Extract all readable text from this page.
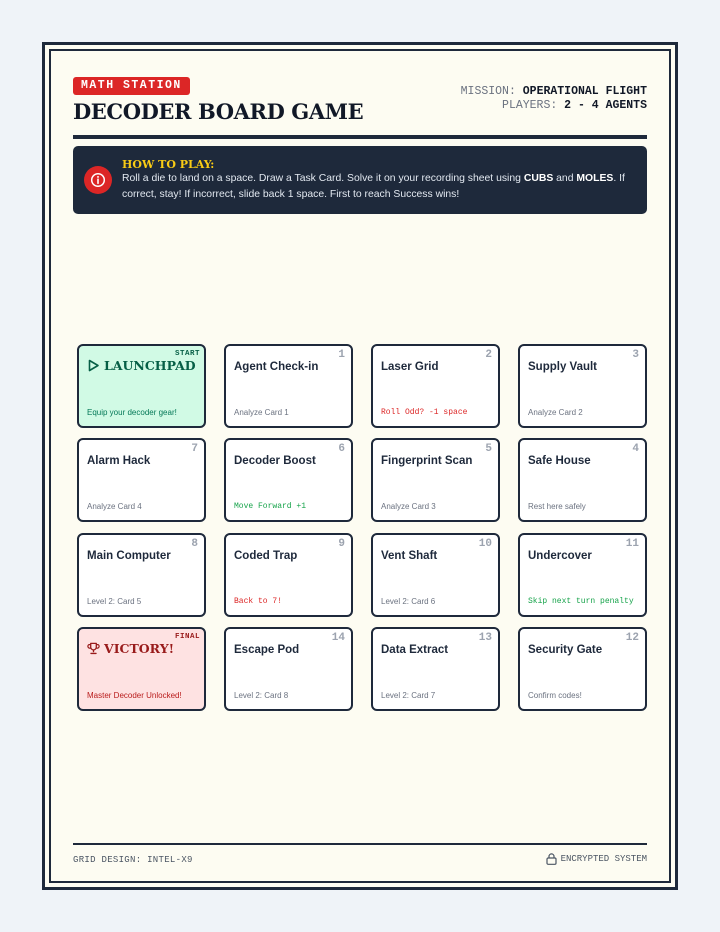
MATH STATION
DECODER BOARD GAME
MISSION: OPERATIONAL FLIGHT
PLAYERS: 2 - 4 AGENTS
HOW TO PLAY:
Roll a die to land on a space. Draw a Task Card. Solve it on your recording sheet using CUBS and MOLES. If correct, stay! If incorrect, slide back 1 space. First to reach Success wins!
START
LAUNCHPAD
Equip your decoder gear!
1
Agent Check-in
Analyze Card 1
2
Laser Grid
Roll Odd? -1 space
3
Supply Vault
Analyze Card 2
7
Alarm Hack
Analyze Card 4
6
Decoder Boost
Move Forward +1
5
Fingerprint Scan
Analyze Card 3
4
Safe House
Rest here safely
8
Main Computer
Level 2: Card 5
9
Coded Trap
Back to 7!
10
Vent Shaft
Level 2: Card 6
11
Undercover
Skip next turn penalty
FINAL
VICTORY!
Master Decoder Unlocked!
14
Escape Pod
Level 2: Card 8
13
Data Extract
Level 2: Card 7
12
Security Gate
Confirm codes!
GRID DESIGN: INTEL-X9	ENCRYPTED SYSTEM
